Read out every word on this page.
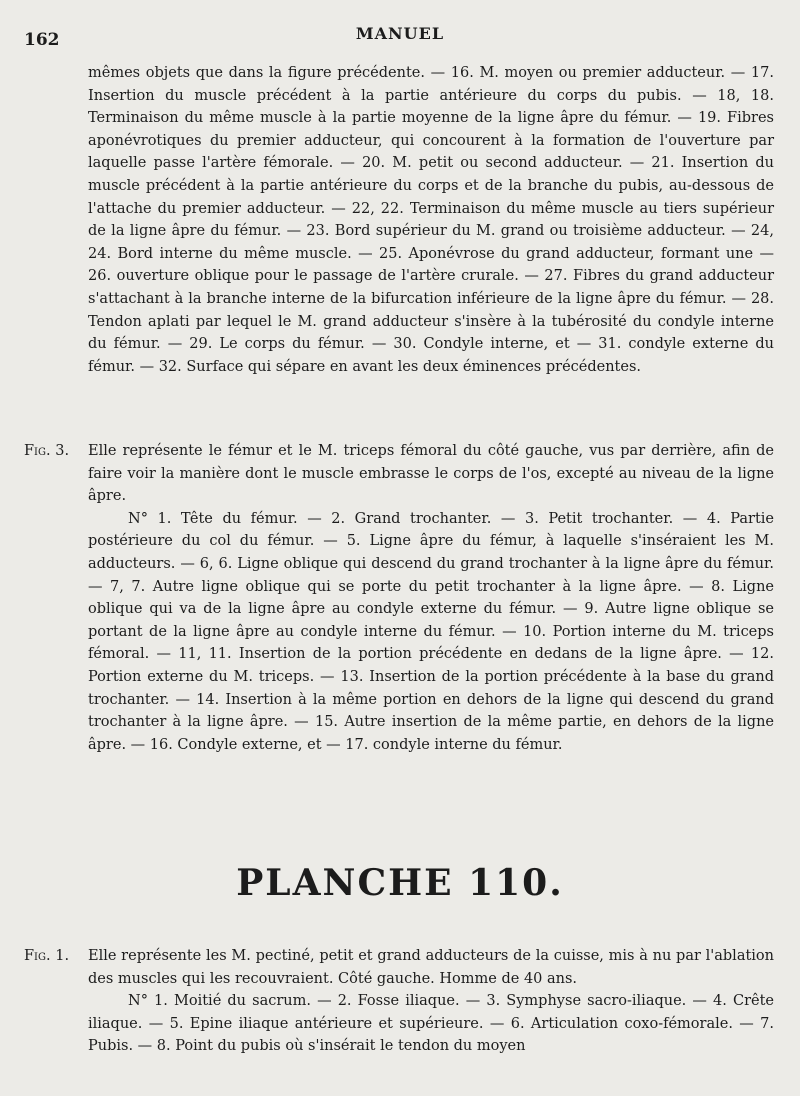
162	MANUEL

mêmes objets que dans la figure précédente. — 16. M. moyen ou premier adducteur. — 17. Insertion du muscle précédent à la partie antérieure du corps du pubis. — 18, 18. Terminaison du même muscle à la partie moyenne de la ligne âpre du fémur. — 19. Fibres aponévrotiques du premier adducteur, qui concourent à la formation de l'ouverture par laquelle passe l'artère fémorale. — 20. M. petit ou second adducteur. — 21. Insertion du muscle précédent à la partie antérieure du corps et de la branche du pubis, au-dessous de l'attache du premier adducteur. — 22, 22. Terminaison du même muscle au tiers supérieur de la ligne âpre du fémur. — 23. Bord supérieur du M. grand ou troisième adducteur. — 24, 24. Bord interne du même muscle. — 25. Aponévrose du grand adducteur, formant une — 26. ouverture oblique pour le passage de l'artère crurale. — 27. Fibres du grand adducteur s'attachant à la branche interne de la bifurcation inférieure de la ligne âpre du fémur. — 28. Tendon aplati par lequel le M. grand adducteur s'insère à la tubérosité du condyle interne du fémur. — 29. Le corps du fémur. — 30. Condyle interne, et — 31. condyle externe du fémur. — 32. Surface qui sépare en avant les deux éminences précédentes.

Fig. 3. Elle représente le fémur et le M. triceps fémoral du côté gauche, vus par derrière, afin de faire voir la manière dont le muscle embrasse le corps de l'os, excepté au niveau de la ligne âpre.

N° 1. Tête du fémur. — 2. Grand trochanter. — 3. Petit trochanter. — 4. Partie postérieure du col du fémur. — 5. Ligne âpre du fémur, à laquelle s'inséraient les M. adducteurs. — 6, 6. Ligne oblique qui descend du grand trochanter à la ligne âpre du fémur. — 7, 7. Autre ligne oblique qui se porte du petit trochanter à la ligne âpre. — 8. Ligne oblique qui va de la ligne âpre au condyle externe du fémur. — 9. Autre ligne oblique se portant de la ligne âpre au condyle interne du fémur. — 10. Portion interne du M. triceps fémoral. — 11, 11. Insertion de la portion précédente en dedans de la ligne âpre. — 12. Portion externe du M. triceps. — 13. Insertion de la portion précédente à la base du grand trochanter. — 14. Insertion à la même portion en dehors de la ligne qui descend du grand trochanter à la ligne âpre. — 15. Autre insertion de la même partie, en dehors de la ligne âpre. — 16. Condyle externe, et — 17. condyle interne du fémur.

PLANCHE 110.
Fig. 1. Elle représente les M. pectiné, petit et grand adducteurs de la cuisse, mis à nu par l'ablation des muscles qui les recouvraient. Côté gauche. Homme de 40 ans.

N° 1. Moitié du sacrum. — 2. Fosse iliaque. — 3. Symphyse sacro-iliaque. — 4. Crête iliaque. — 5. Epine iliaque antérieure et supérieure. — 6. Articulation coxo-fémorale. — 7. Pubis. — 8. Point du pubis où s'insérait le tendon du moyen
